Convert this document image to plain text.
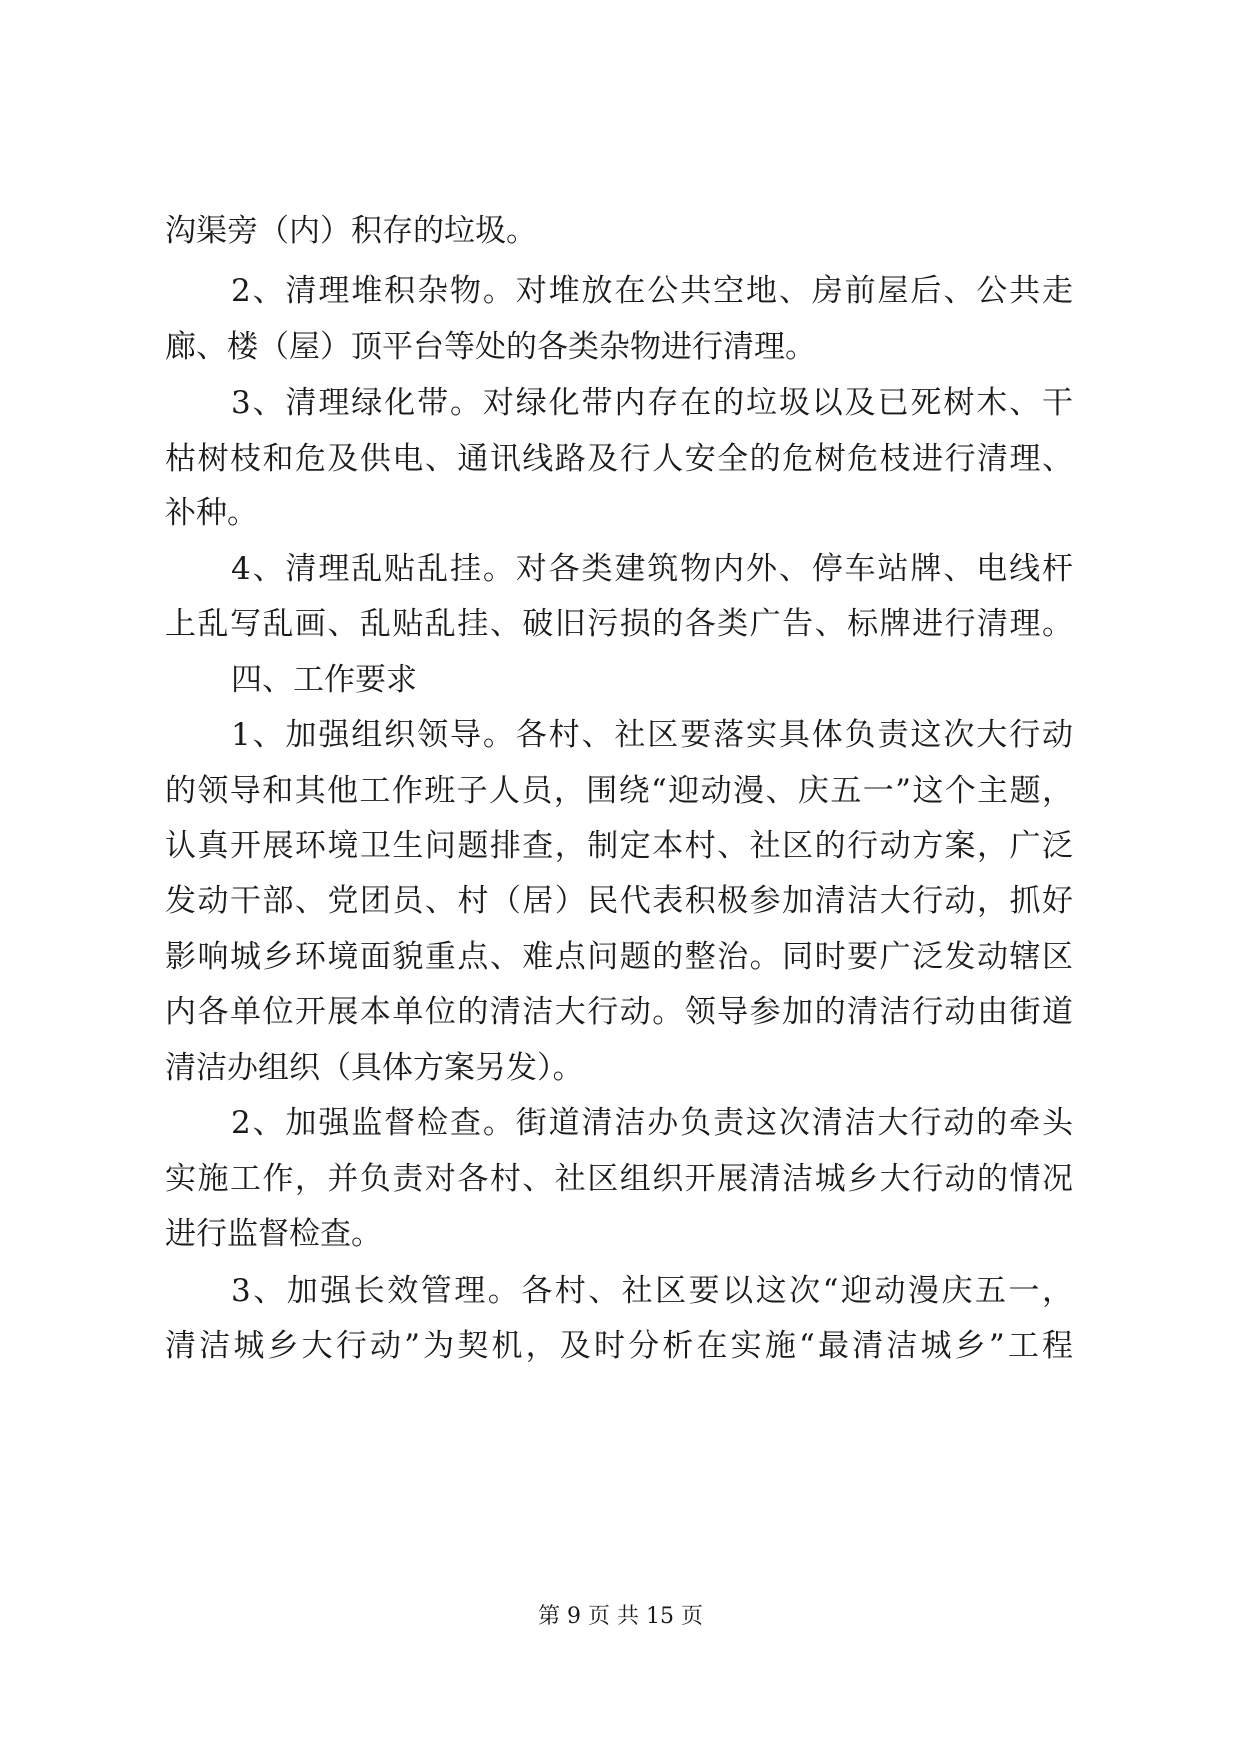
沟渠旁（内）积存的垃圾。
2、清理堆积杂物。对堆放在公共空地、房前屋后、公共走
廊、楼（屋）顶平台等处的各类杂物进行清理。
3、清理绿化带。对绿化带内存在的垃圾以及已死树木、干
枯树枝和危及供电、通讯线路及行人安全的危树危枝进行清理、
补种。
4、清理乱贴乱挂。对各类建筑物内外、停车站牌、电线杆
上乱写乱画、乱贴乱挂、破旧污损的各类广告、标牌进行清理。
四、工作要求
1、加强组织领导。各村、社区要落实具体负责这次大行动
的领导和其他工作班子人员，围绕“迎动漫、庆五一”这个主题，
认真开展环境卫生问题排查，制定本村、社区的行动方案，广泛
发动干部、党团员、村（居）民代表积极参加清洁大行动，抓好
影响城乡环境面貌重点、难点问题的整治。同时要广泛发动辖区
内各单位开展本单位的清洁大行动。领导参加的清洁行动由街道
清洁办组织（具体方案另发）。
2、加强监督检查。街道清洁办负责这次清洁大行动的牵头
实施工作，并负责对各村、社区组织开展清洁城乡大行动的情况
进行监督检查。
3、加强长效管理。各村、社区要以这次“迎动漫庆五一，
清洁城乡大行动”为契机，及时分析在实施“最清洁城乡”工程
第 9 页 共 15 页
